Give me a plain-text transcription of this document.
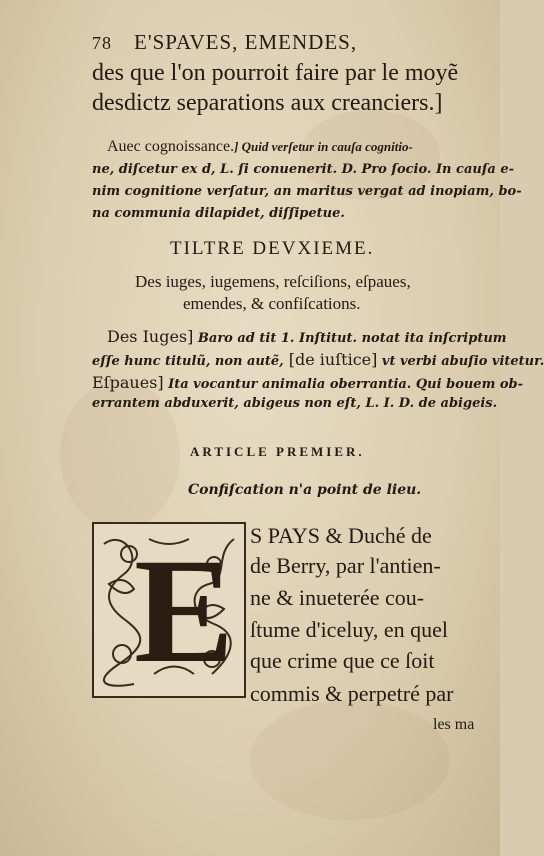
78 E'SPAVES, EMENDES,
des que l'on pourroit faire par le moyẽ
desdictz separations aux creanciers.]
Auec cognoissance.] Quid verſetur in cauſa cognitio-
ne, diſcetur ex d, L. ſi conuenerit. D. Pro ſocio. In cauſa e-
nim cognitione verſatur, an maritus vergat ad inopiam, bo-
na communia dilapidet, diſſipetue.
TILTRE DEVXIEME.
Des iuges, iugemens, reſciſions, eſpaues,
emendes, & confiſcations.
Des Iuges] Baro ad tit 1. Inſtitut. notat ita inſcriptum
eſſe hunc titulũ, non autẽ, [de iuſtice] vt verbi abuſio vitetur.
Eſpaues] Ita vocantur animalia oberrantia. Qui bouem ob-
errantem abduxerit, abigeus non eſt, L. I. D. de abigeis.
ARTICLE PREMIER.
Confiſcation n'a point de lieu.
E S PAYS & Duché de
de Berry, par l'antien-
ne & inueterée cou-
ſtume d'iceluy, en quel
que crime que ce ſoit
commis & perpetré par
les ma
